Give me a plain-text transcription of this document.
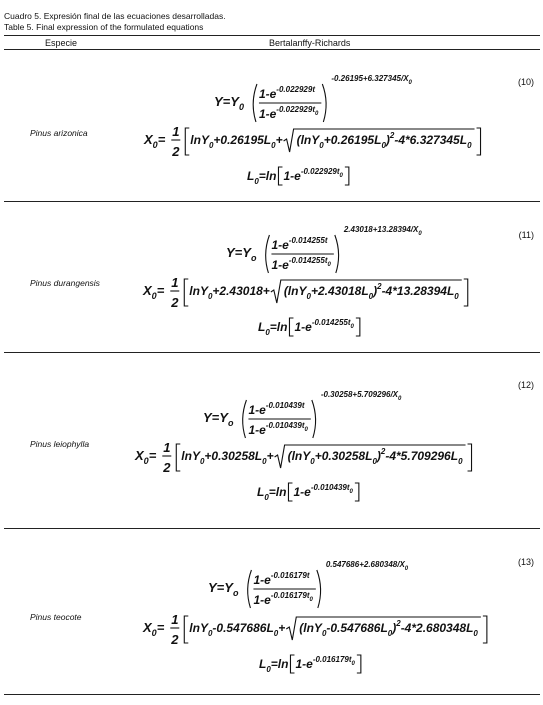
Cuadro 5. Expresión final de las ecuaciones desarrolladas.
Table 5. Final expression of the formulated equations
Especie	Bertalanffy-Richards
Pinus arizonica
(10)
Y=Y 0
1-e -0.022929t
1-e -0.022929t 0
-0.26195+6.327345/X 0
X 0 =
1
2
lnY 0 +0.26195L 0 + (lnY 0 +0.26195L 0 ) 2 -4*6.327345L 0
L 0 =ln 1-e -0.022929t 0
Pinus durangensis
(11)
Y=Y o
1-e -0.014255t
1-e -0.014255t 0
2.43018+13.28394/X 0
X 0 =
1
2
lnY 0 +2.43018+ (lnY 0 +2.43018L 0 ) 2 -4*13.28394L 0
L 0 =ln 1-e -0.014255t 0
Pinus leiophylla
(12)
Y=Y o
1-e -0.010439t
1-e -0.010439t 0
-0.30258+5.709296/X 0
X 0 =
1
2
lnY 0 +0.30258L 0 + (lnY 0 +0.30258L 0 ) 2 -4*5.709296L 0
L 0 =ln 1-e -0.010439t 0
Pinus teocote
(13)
Y=Y o
1-e -0.016179t
1-e -0.016179t 0
0.547686+2.680348/X 0
X 0 =
1
2
lnY 0 -0.547686L 0 + (lnY 0 -0.547686L 0 ) 2 -4*2.680348L 0
L 0 =ln 1-e -0.016179t 0
